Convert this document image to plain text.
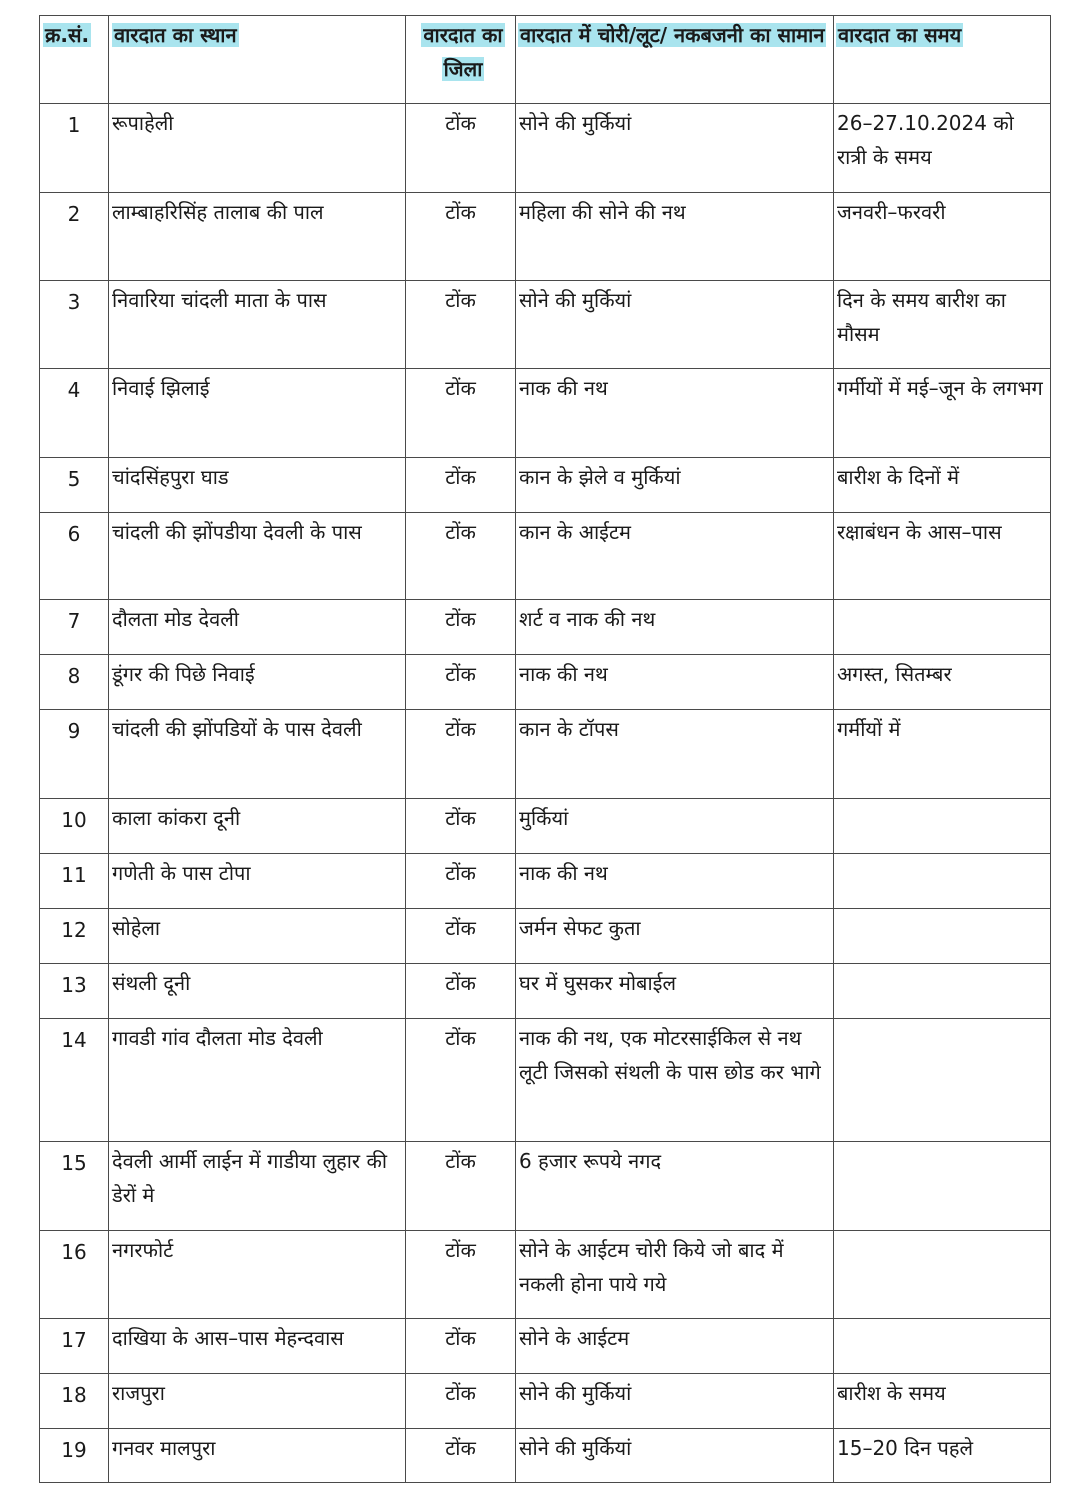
क्र.सं.	वारदात का स्थान	वारदात का जिला	वारदात में चोरी/लूट/ नकबजनी का सामान	वारदात का समय
1	रूपाहेली	टोंक	सोने की मुर्कियां	26–27.10.2024 को रात्री के समय
2	लाम्बाहरिसिंह तालाब की पाल	टोंक	महिला की सोने की नथ	जनवरी–फरवरी
3	निवारिया चांदली माता के पास	टोंक	सोने की मुर्कियां	दिन के समय बारीश का मौसम
4	निवाई झिलाई	टोंक	नाक की नथ	गर्मीयों में मई–जून के लगभग
5	चांदसिंहपुरा घाड	टोंक	कान के झेले व मुर्कियां	बारीश के दिनों में
6	चांदली की झोंपडीया देवली के पास	टोंक	कान के आईटम	रक्षाबंधन के आस–पास
7	दौलता मोड देवली	टोंक	शर्ट व नाक की नथ	
8	डूंगर की पिछे निवाई	टोंक	नाक की नथ	अगस्त, सितम्बर
9	चांदली की झोंपडियों के पास देवली	टोंक	कान के टॉपस	गर्मीयों में
10	काला कांकरा दूनी	टोंक	मुर्कियां	
11	गणेती के पास टोपा	टोंक	नाक की नथ	
12	सोहेला	टोंक	जर्मन सेफट कुता	
13	संथली दूनी	टोंक	घर में घुसकर मोबाईल	
14	गावडी गांव दौलता मोड देवली	टोंक	नाक की नथ, एक मोटरसाईकिल से नथ लूटी जिसको संथली के पास छोड कर भागे	
15	देवली आर्मी लाईन में गाडीया लुहार की डेरों मे	टोंक	6 हजार रूपये नगद	
16	नगरफोर्ट	टोंक	सोने के आईटम चोरी किये जो बाद में नकली होना पाये गये	
17	दाखिया के आस–पास मेहन्दवास	टोंक	सोने के आईटम	
18	राजपुरा	टोंक	सोने की मुर्कियां	बारीश के समय
19	गनवर मालपुरा	टोंक	सोने की मुर्कियां	15–20 दिन पहले
